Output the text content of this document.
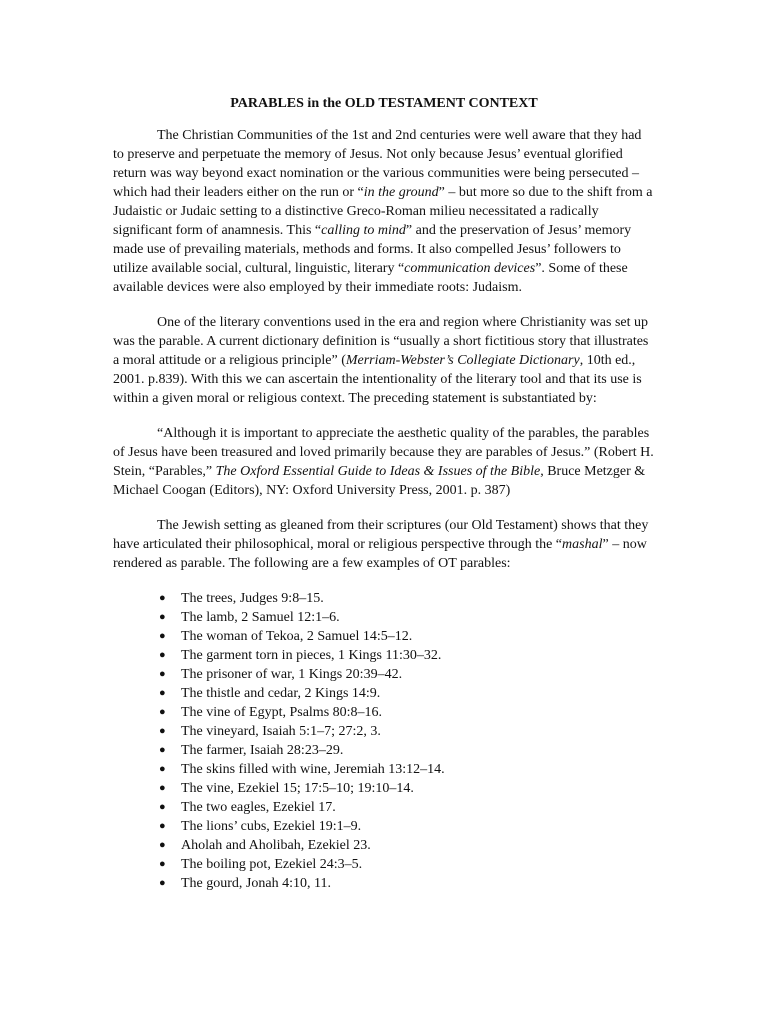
PARABLES in the OLD TESTAMENT CONTEXT

The Christian Communities of the 1st and 2nd centuries were well aware that they had to preserve and perpetuate the memory of Jesus. Not only because Jesus’ eventual glorified return was way beyond exact nomination or the various communities were being persecuted – which had their leaders either on the run or “in the ground” – but more so due to the shift from a Judaistic or Judaic setting to a distinctive Greco-Roman milieu necessitated a radically significant form of anamnesis. This “calling to mind” and the preservation of Jesus’ memory made use of prevailing materials, methods and forms. It also compelled Jesus’ followers to utilize available social, cultural, linguistic, literary “communication devices”. Some of these available devices were also employed by their immediate roots: Judaism.

One of the literary conventions used in the era and region where Christianity was set up was the parable. A current dictionary definition is “usually a short fictitious story that illustrates a moral attitude or a religious principle” (Merriam-Webster’s Collegiate Dictionary, 10th ed., 2001. p.839). With this we can ascertain the intentionality of the literary tool and that its use is within a given moral or religious context. The preceding statement is substantiated by:

“Although it is important to appreciate the aesthetic quality of the parables, the parables of Jesus have been treasured and loved primarily because they are parables of Jesus.” (Robert H. Stein, “Parables,” The Oxford Essential Guide to Ideas & Issues of the Bible, Bruce Metzger & Michael Coogan (Editors), NY: Oxford University Press, 2001. p. 387)

The Jewish setting as gleaned from their scriptures (our Old Testament) shows that they have articulated their philosophical, moral or religious perspective through the “mashal” – now rendered as parable. The following are a few examples of OT parables:

● The trees, Judges 9:8–15.
● The lamb, 2 Samuel 12:1–6.
● The woman of Tekoa, 2 Samuel 14:5–12.
● The garment torn in pieces, 1 Kings 11:30–32.
● The prisoner of war, 1 Kings 20:39–42.
● The thistle and cedar, 2 Kings 14:9.
● The vine of Egypt, Psalms 80:8–16.
● The vineyard, Isaiah 5:1–7; 27:2, 3.
● The farmer, Isaiah 28:23–29.
● The skins filled with wine, Jeremiah 13:12–14.
● The vine, Ezekiel 15; 17:5–10; 19:10–14.
● The two eagles, Ezekiel 17.
● The lions’ cubs, Ezekiel 19:1–9.
● Aholah and Aholibah, Ezekiel 23.
● The boiling pot, Ezekiel 24:3–5.
● The gourd, Jonah 4:10, 11.
